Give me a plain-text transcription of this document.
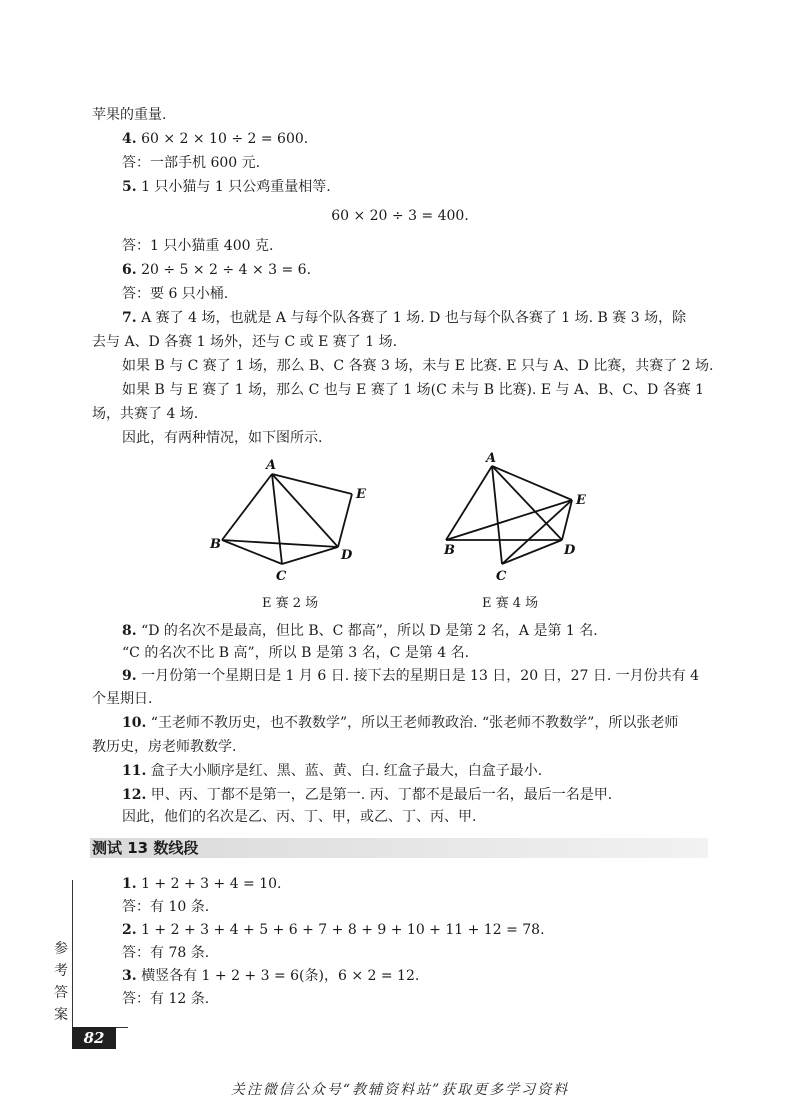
苹果的重量.
4. 60 × 2 × 10 ÷ 2 = 600.
答：一部手机 600 元.
5. 1 只小猫与 1 只公鸡重量相等.
60 × 20 ÷ 3 = 400.
答：1 只小猫重 400 克.
6. 20 ÷ 5 × 2 ÷ 4 × 3 = 6.
答：要 6 只小桶.
7. A 赛了 4 场，也就是 A 与每个队各赛了 1 场. D 也与每个队各赛了 1 场. B 赛 3 场，除
去与 A、D 各赛 1 场外，还与 C 或 E 赛了 1 场.
如果 B 与 C 赛了 1 场，那么 B、C 各赛 3 场，未与 E 比赛. E 只与 A、D 比赛，共赛了 2 场.
如果 B 与 E 赛了 1 场，那么 C 也与 E 赛了 1 场(C 未与 B 比赛). E 与 A、B、C、D 各赛 1
场，共赛了 4 场.
因此，有两种情况，如下图所示.
A
B
C
D
E
A
B
C
D
E
E 赛 2 场	E 赛 4 场
8. “D 的名次不是最高，但比 B、C 都高”，所以 D 是第 2 名，A 是第 1 名.
“C 的名次不比 B 高”，所以 B 是第 3 名，C 是第 4 名.
9. 一月份第一个星期日是 1 月 6 日. 接下去的星期日是 13 日，20 日，27 日. 一月份共有 4
个星期日.
10. “王老师不教历史，也不教数学”，所以王老师教政治. “张老师不教数学”，所以张老师
教历史，房老师教数学.
11. 盒子大小顺序是红、黑、蓝、黄、白. 红盒子最大，白盒子最小.
12. 甲、丙、丁都不是第一，乙是第一. 丙、丁都不是最后一名，最后一名是甲.
因此，他们的名次是乙、丙、丁、甲，或乙、丁、丙、甲.
测试 13 数线段
1. 1 + 2 + 3 + 4 = 10.
答：有 10 条.
2. 1 + 2 + 3 + 4 + 5 + 6 + 7 + 8 + 9 + 10 + 11 + 12 = 78.
答：有 78 条.
3. 横竖各有 1 + 2 + 3 = 6(条)，6 × 2 = 12.
答：有 12 条.
参考答案
82
关注微信公众号“教辅资料站”获取更多学习资料
